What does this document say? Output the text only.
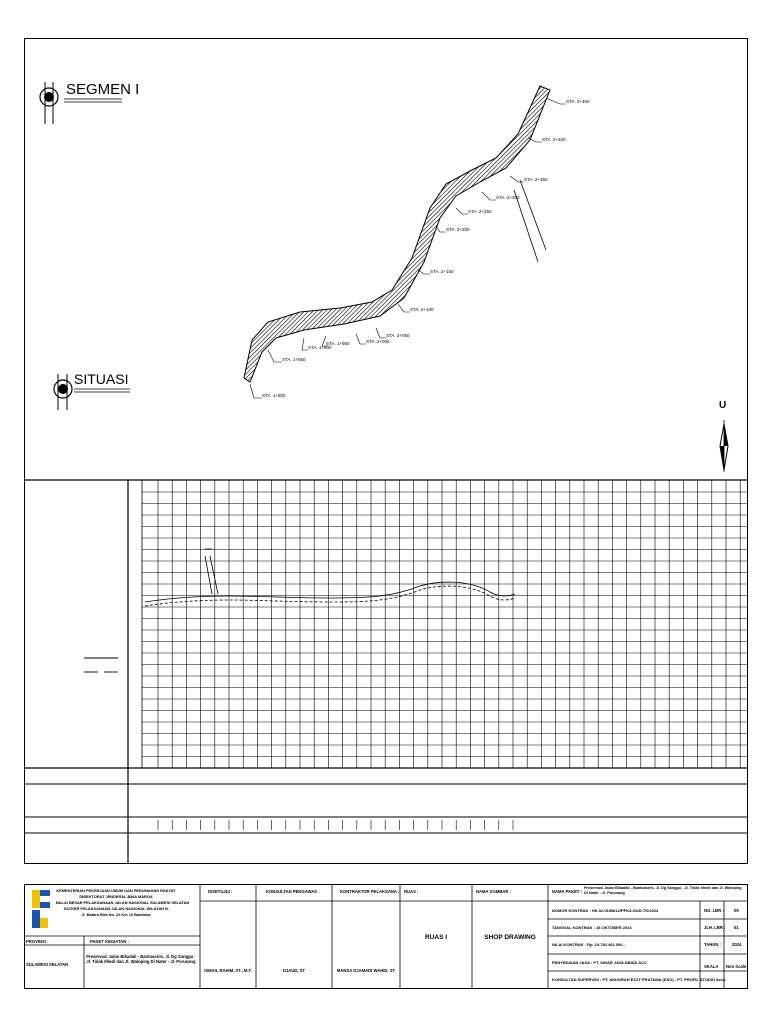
SEGMEN I
SITUASI
U
STA. 2+450
STA. 2+400
STA. 2+350
STA. 2+300
STA. 2+250
STA. 2+200
STA. 2+150
STA. 2+100
STA. 2+050
STA. 2+000
STA. 1+950
STA. 1+900
STA. 1+850
STA. 1+800
KEMENTERIAN PEKERJAAN UMUM DAN PERUMAHAN RAKYAT
DIREKTORAT JENDERAL BINA MARGA
BALAI BESAR PELAKSANAAN JALAN NASIONAL SULAWESI SELATAN
SATKER PELAKSANAAN JALAN NASIONAL WILAYAH III
Jl. Batara Bira No. 22 Km 16 Baddoka
PROVINSI :
SULAWESI SELATAN
PAKET KEGIATAN :
Preservasi Jalan Bikadali - Bantuasiris, Jl. Dg Sanggu - Jl. Tidak Ilhedi dan Jl. Waloping Di Nater - Jl. Porusang
DISETUJUI :
ISMAIL RAHIM, ST., M.T.
KONSULTAN PENGAWAS :
DJAUD, ST
KONTRAKTOR PELAKSANA :
MANSA DJAMADI WAHID, ST
RUAS :
RUAS I
NAMA GAMBAR :
SHOP DRAWING
NAMA PAKET :
Preservasi Jalan Bikadali - Bantuasiris, Jl. Dg Sanggu - Jl. Tidak Ilhedi dan Jl. Waloping Di Nater - Jl. Porusang
NOMOR KONTRAK : HK.02.01/Bb12/PPK3.3/UD-TK/2024
TANGGAL KONTRAK : 18 OKTOBER 2024
NILAI KONTRAK : Rp. 19.783.461.000,-
PENYEDIAAN JASA : PT. SINAR JAYA ABADI ACC
KONSULTAN SUPERVISI : PT. ANUGRAH EZZY PRATAMA (KSO) - PT. PROFIL STUDIO ArsA
NO. LBR : 05
JLH. LBR : 51
TAHUN :	2024
SKALA Non Scale
